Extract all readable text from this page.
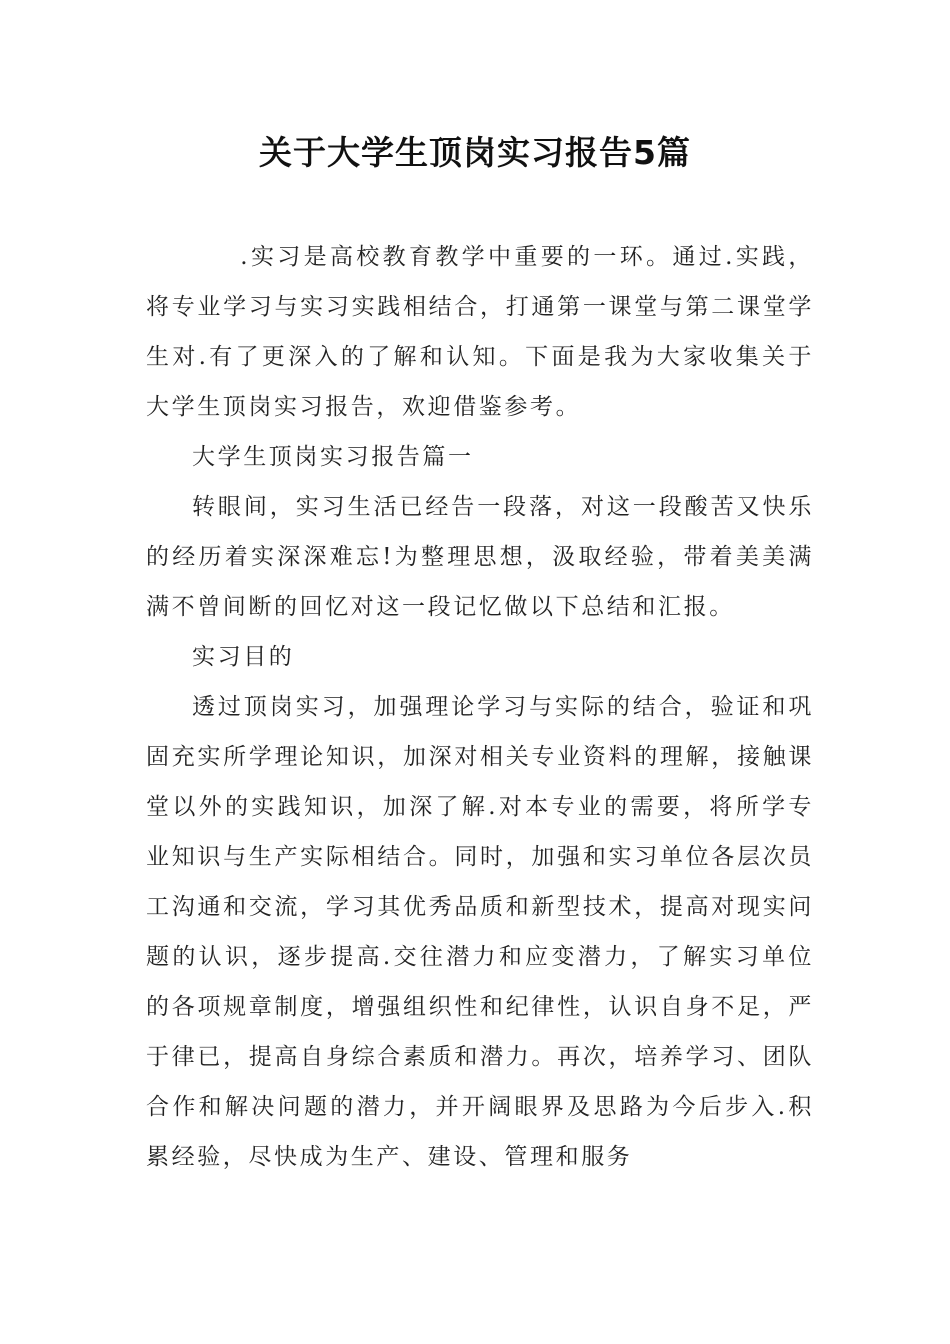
关于大学生顶岗实习报告5篇

.实习是高校教育教学中重要的一环。通过.实践，将专业学习与实习实践相结合，打通第一课堂与第二课堂学生对.有了更深入的了解和认知。下面是我为大家收集关于大学生顶岗实习报告，欢迎借鉴参考。

大学生顶岗实习报告篇一

转眼间，实习生活已经告一段落，对这一段酸苦又快乐的经历着实深深难忘!为整理思想，汲取经验，带着美美满满不曾间断的回忆对这一段记忆做以下总结和汇报。

实习目的

透过顶岗实习，加强理论学习与实际的结合，验证和巩固充实所学理论知识，加深对相关专业资料的理解，接触课堂以外的实践知识，加深了解.对本专业的需要，将所学专业知识与生产实际相结合。同时，加强和实习单位各层次员工沟通和交流，学习其优秀品质和新型技术，提高对现实问题的认识，逐步提高.交往潜力和应变潜力，了解实习单位的各项规章制度，增强组织性和纪律性，认识自身不足，严于律已，提高自身综合素质和潜力。再次，培养学习、团队合作和解决问题的潜力，并开阔眼界及思路为今后步入.积累经验，尽快成为生产、建设、管理和服务
